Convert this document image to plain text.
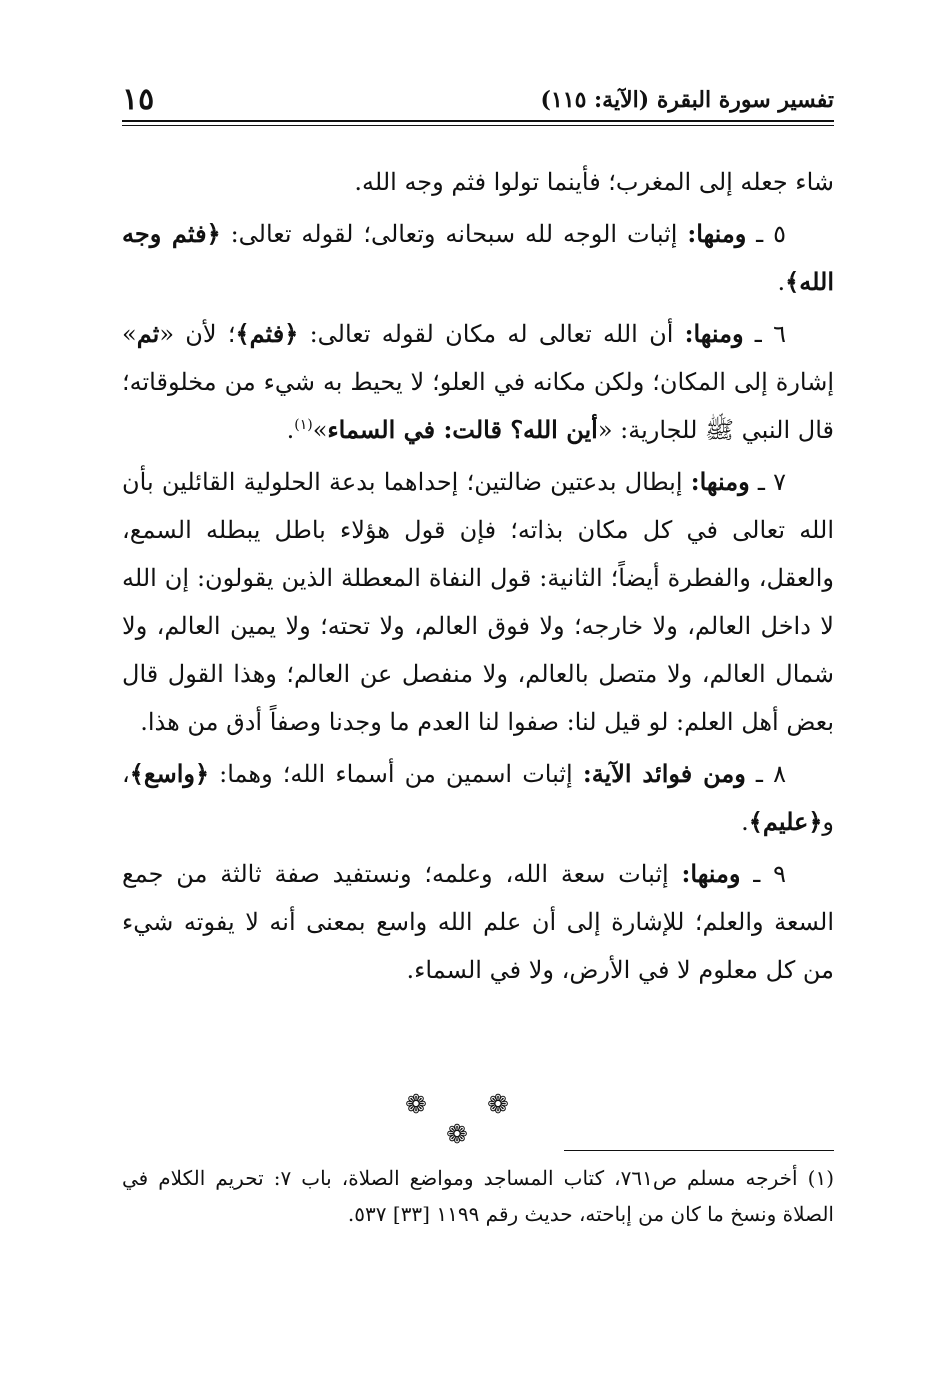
١٥	تفسير سورة البقرة (الآية: ١١٥)

شاء جعله إلى المغرب؛ فأينما تولوا فثم وجه الله.

٥ ـ ومنها: إثبات الوجه لله سبحانه وتعالى؛ لقوله تعالى: ﴿فثم وجه الله﴾.

٦ ـ ومنها: أن الله تعالى له مكان لقوله تعالى: ﴿فثم﴾؛ لأن «ثم» إشارة إلى المكان؛ ولكن مكانه في العلو؛ لا يحيط به شيء من مخلوقاته؛ قال النبي ﷺ للجارية: «أين الله؟ قالت: في السماء»$^{(١)}$.

٧ ـ ومنها: إبطال بدعتين ضالتين؛ إحداهما بدعة الحلولية القائلين بأن الله تعالى في كل مكان بذاته؛ فإن قول هؤلاء باطل يبطله السمع، والعقل، والفطرة أيضاً؛ الثانية: قول النفاة المعطلة الذين يقولون: إن الله لا داخل العالم، ولا خارجه؛ ولا فوق العالم، ولا تحته؛ ولا يمين العالم، ولا شمال العالم، ولا متصل بالعالم، ولا منفصل عن العالم؛ وهذا القول قال بعض أهل العلم: لو قيل لنا: صفوا لنا العدم ما وجدنا وصفاً أدق من هذا.

٨ ـ ومن فوائد الآية: إثبات اسمين من أسماء الله؛ وهما: ﴿واسع﴾، و﴿عليم﴾.

٩ ـ ومنها: إثبات سعة الله، وعلمه؛ ونستفيد صفة ثالثة من جمع السعة والعلم؛ للإشارة إلى أن علم الله واسع بمعنى أنه لا يفوته شيء من كل معلوم لا في الأرض، ولا في السماء.

❁ ❁ ❁

(١) أخرجه مسلم ص٧٦١، كتاب المساجد ومواضع الصلاة، باب ٧: تحريم الكلام في الصلاة ونسخ ما كان من إباحته، حديث رقم ١١٩٩ [٣٣] ٥٣٧.
